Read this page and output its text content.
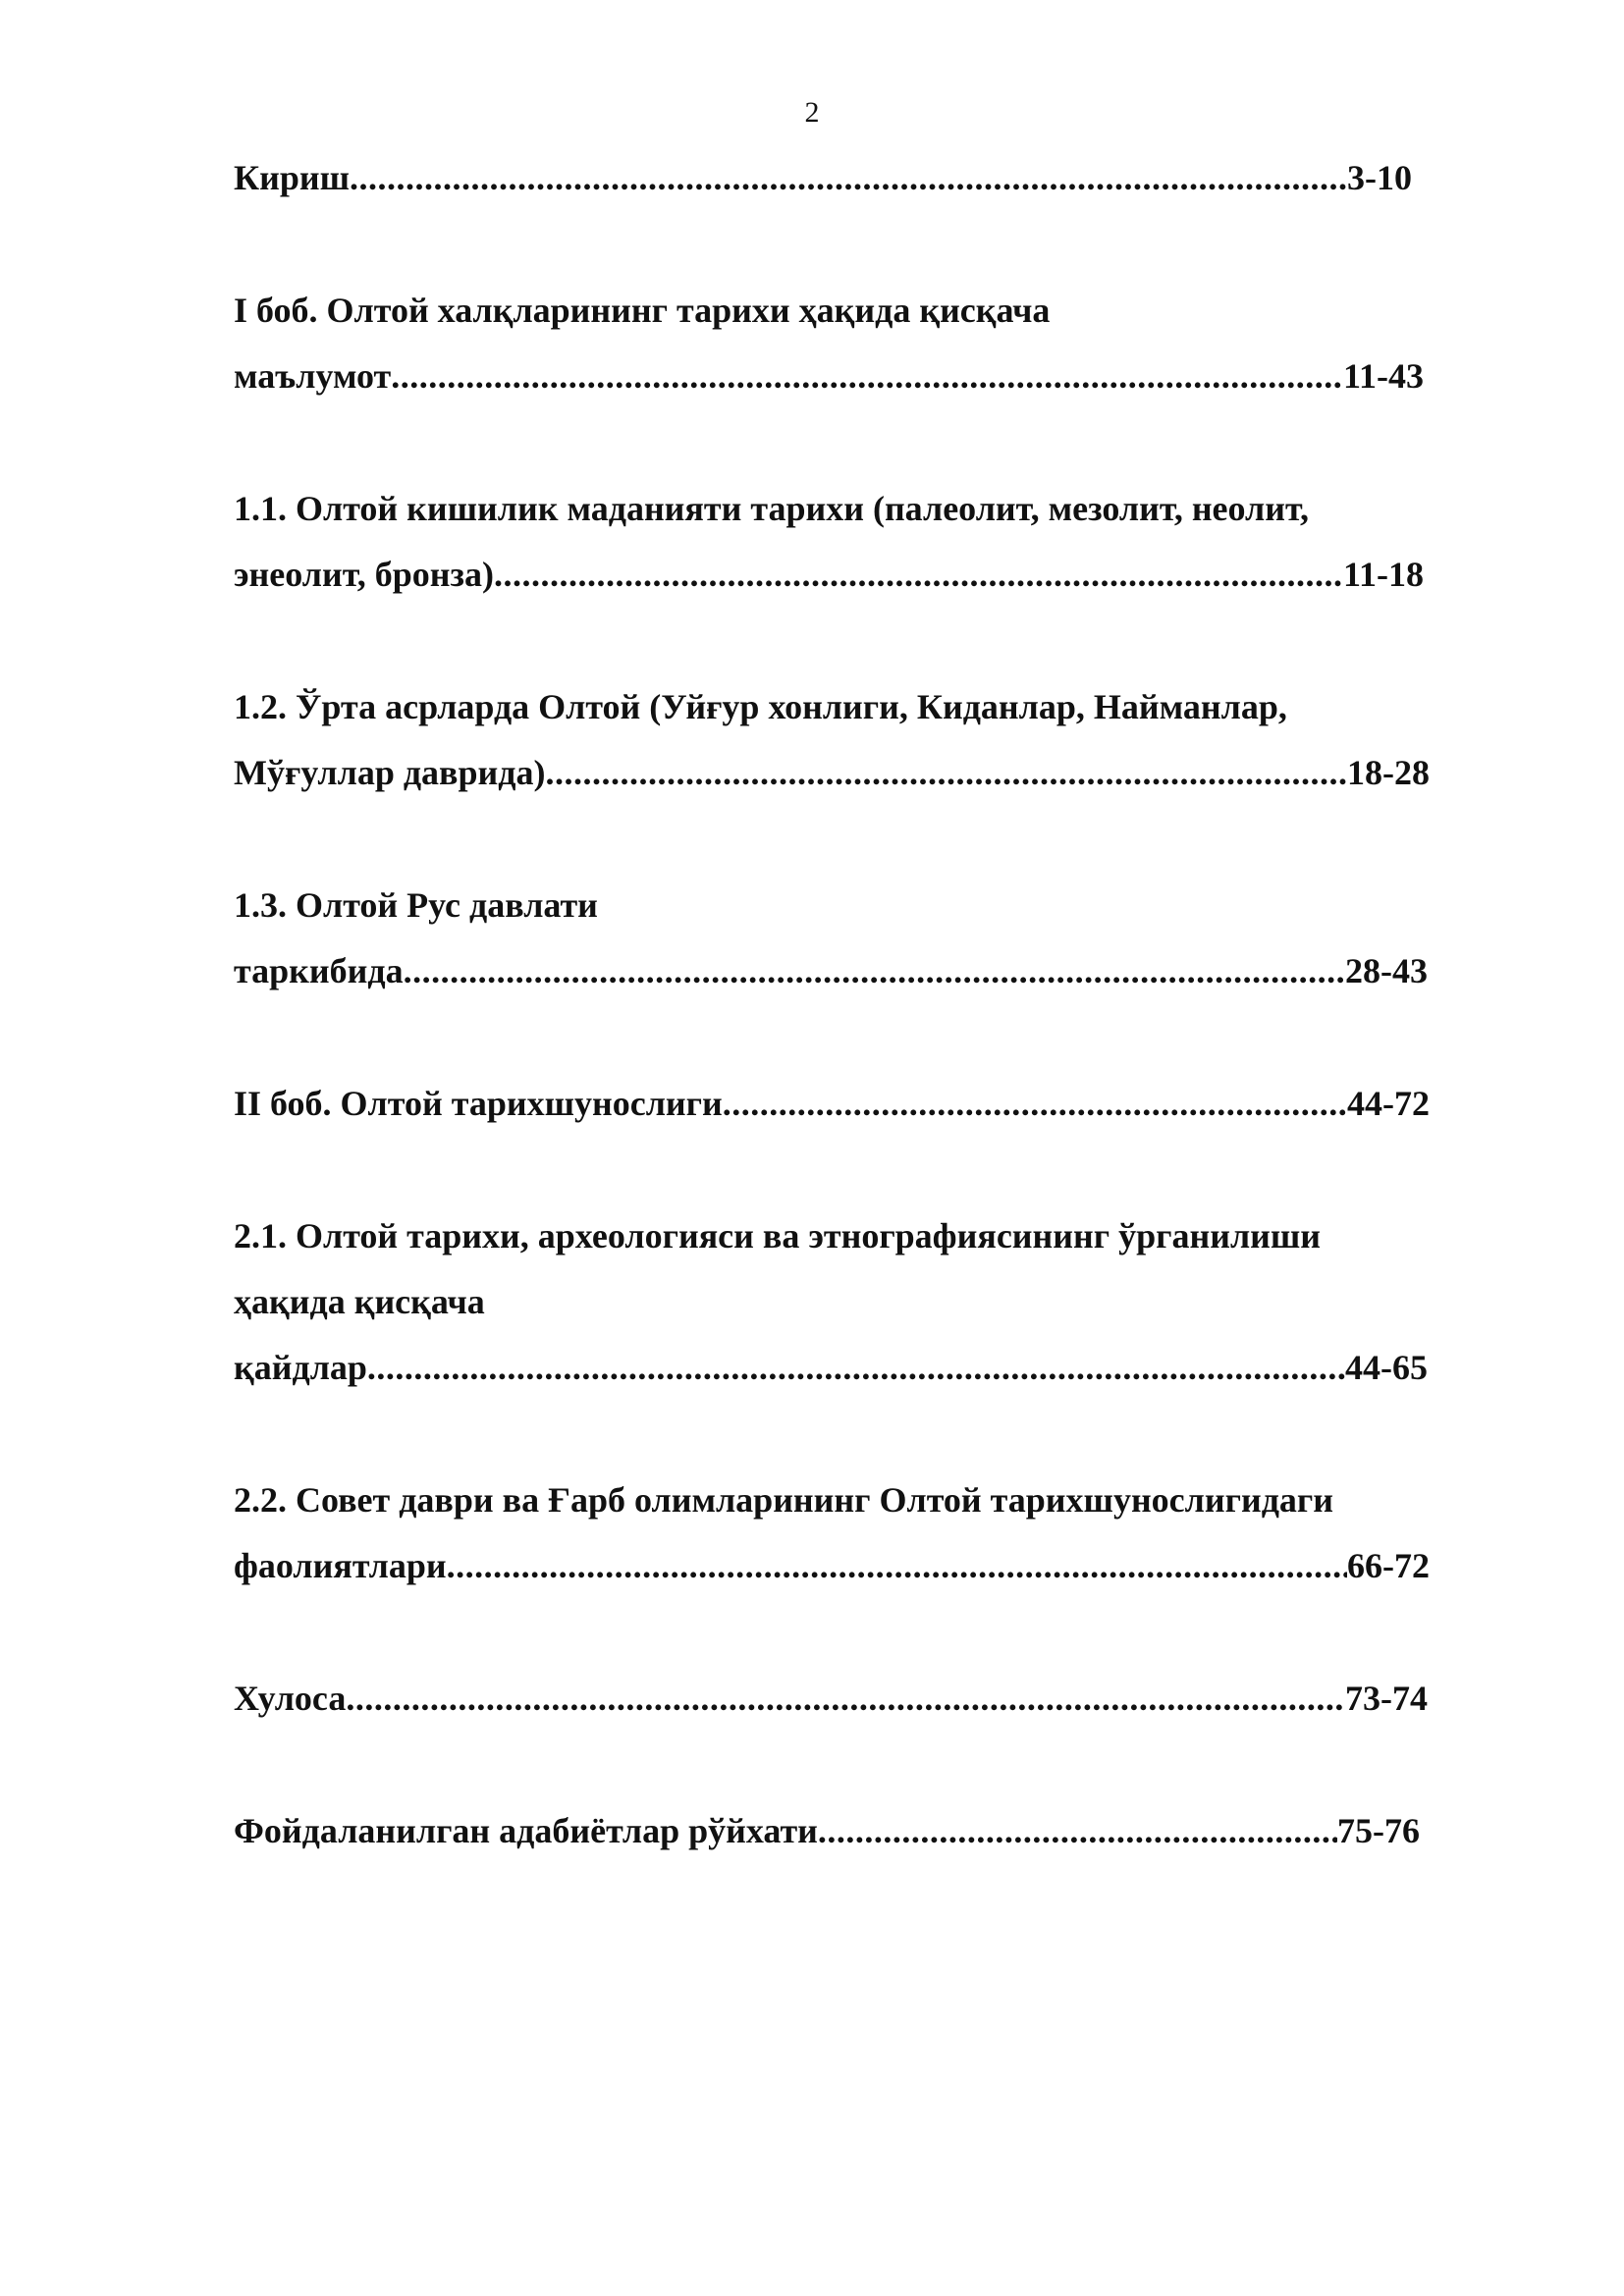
2
Кириш .....	3-10
I боб. Олтой халқларининг тарихи ҳақида қисқача
маълумот .....	11-43
1.1. Олтой кишилик маданияти тарихи (палеолит, мезолит, неолит,
энеолит, бронза) .....	11-18
1.2. Ўрта асрларда Олтой (Уйғур хонлиги, Киданлар, Найманлар,
Мўғуллар даврида) .....	18-28
1.3. Олтой Рус давлати
таркибида .....	28-43
II боб. Олтой тарихшунослиги .....	44-72
2.1. Олтой тарихи, археологияси ва этнографиясининг ўрганилиши
ҳақида қисқача
қайдлар .....	44-65
2.2. Совет даври ва Ғарб олимларининг Олтой тарихшунослигидаги
фаолиятлари .....	66-72
Хулоса .....	73-74
Фойдаланилган адабиётлар рўйхати .....	75-76
